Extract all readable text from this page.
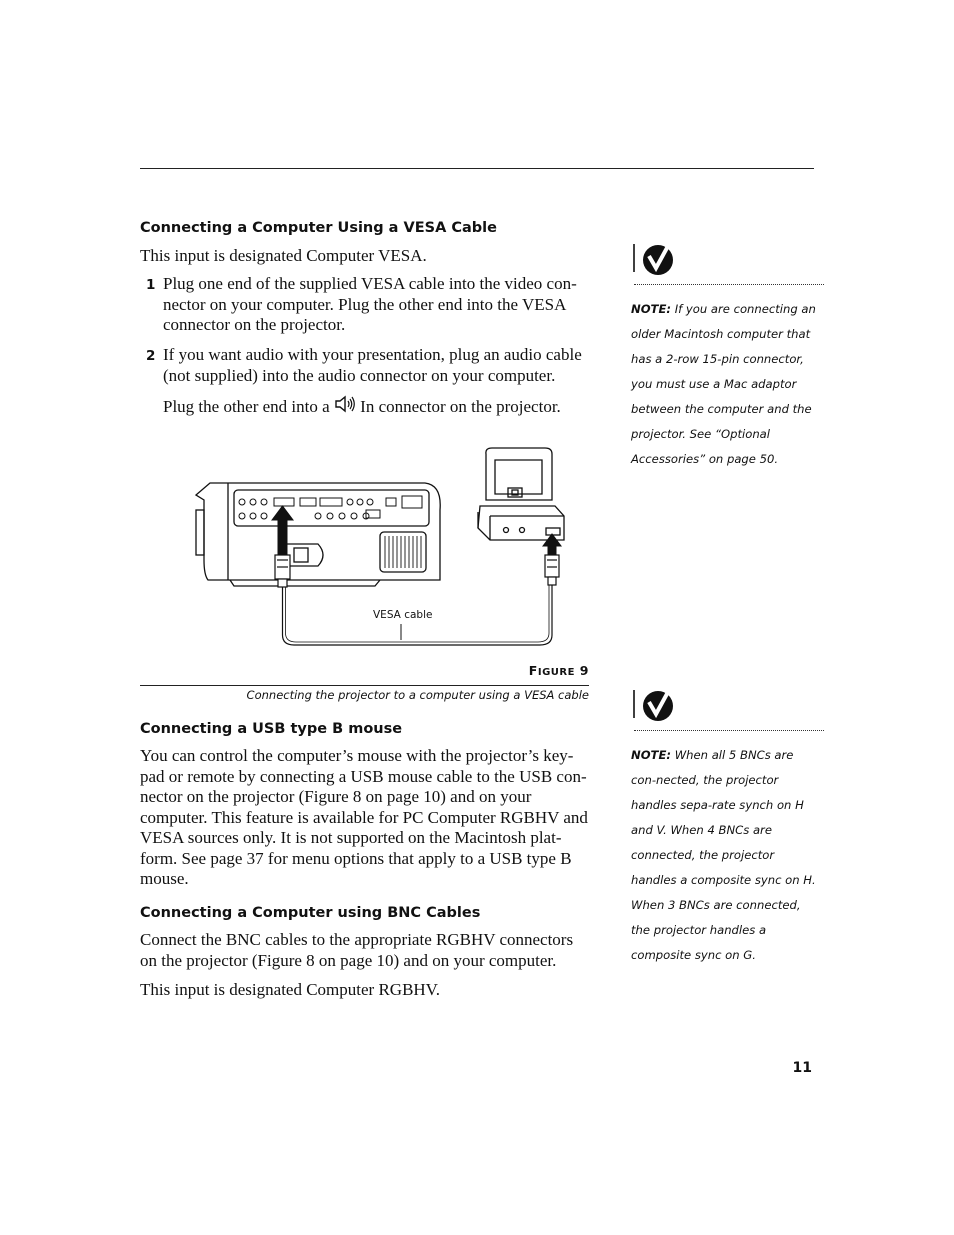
Connecting a Computer Using a VESA Cable

This input is designated Computer VESA.

1 Plug one end of the supplied VESA cable into the video con-nector on your computer. Plug the other end into the VESA connector on the projector.

2 If you want audio with your presentation, plug an audio cable (not supplied) into the audio connector on your computer.

Plug the other end into a In connector on the projector.

VESA cable
FIGURE 9
Connecting the projector to a computer using a VESA cable
Connecting a USB type B mouse

You can control the computer’s mouse with the projector’s key-pad or remote by connecting a USB mouse cable to the USB con-nector on the projector (Figure 8 on page 10) and on your computer. This feature is available for PC Computer RGBHV and VESA sources only. It is not supported on the Macintosh plat-form. See page 37 for menu options that apply to a USB type B mouse.

Connecting a Computer using BNC Cables

Connect the BNC cables to the appropriate RGBHV connectors on the projector (Figure 8 on page 10) and on your computer.

This input is designated Computer RGBHV.

NOTE: If you are connecting an older Macintosh computer that has a 2-row 15-pin connector, you must use a Mac adaptor between the computer and the projector. See “Optional Accessories” on page 50.

NOTE: When all 5 BNCs are con-nected, the projector handles sepa-rate synch on H and V. When 4 BNCs are connected, the projector handles a composite sync on H. When 3 BNCs are connected, the projector handles a composite sync on G.

11
